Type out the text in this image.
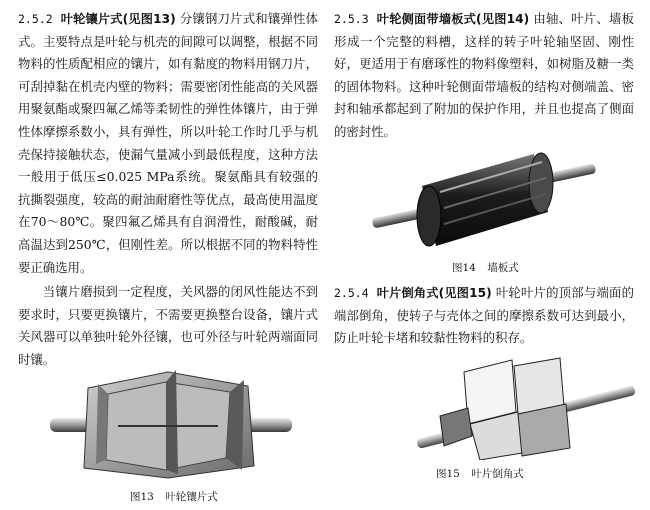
2.5.2 叶轮镶片式(见图13) 分镶钢刀片式和镶弹性体式。主要特点是叶轮与机壳的间隙可以调整，根据不同物料的性质配相应的镶片，如有黏度的物料用钢刀片，可刮掉黏在机壳内壁的物料；需要密闭性能高的关风器用聚氨酯或聚四氟乙烯等柔韧性的弹性体镶片，由于弹性体摩擦系数小，具有弹性，所以叶轮工作时几乎与机壳保持接触状态，使漏气量减小到最低程度，这种方法一般用于低压≤0.025 MPa系统。聚氨酯具有较强的抗撕裂强度，较高的耐油耐磨性等优点，最高使用温度在70～80℃。聚四氟乙烯具有自润滑性，耐酸碱，耐高温达到250℃，但刚性差。所以根据不同的物料特性要正确选用。

当镶片磨损到一定程度，关风器的闭风性能达不到要求时，只要更换镶片，不需要更换整台设备，镶片式关风器可以单独叶轮外径镶，也可外径与叶轮两端面同时镶。

图13 叶轮镶片式

2.5.3 叶轮侧面带墙板式(见图14) 由轴、叶片、墙板形成一个完整的料槽，这样的转子叶轮轴坚固、刚性好，更适用于有磨琢性的物料像塑料，如树脂及糖一类的固体物料。这种叶轮侧面带墙板的结构对侧端盖、密封和轴承都起到了附加的保护作用，并且也提高了侧面的密封性。

图14 墙板式

2.5.4 叶片倒角式(见图15) 叶轮叶片的顶部与端面的端部倒角，使转子与壳体之间的摩擦系数可达到最小，防止叶轮卡堵和较黏性物料的积存。

图15 叶片倒角式
